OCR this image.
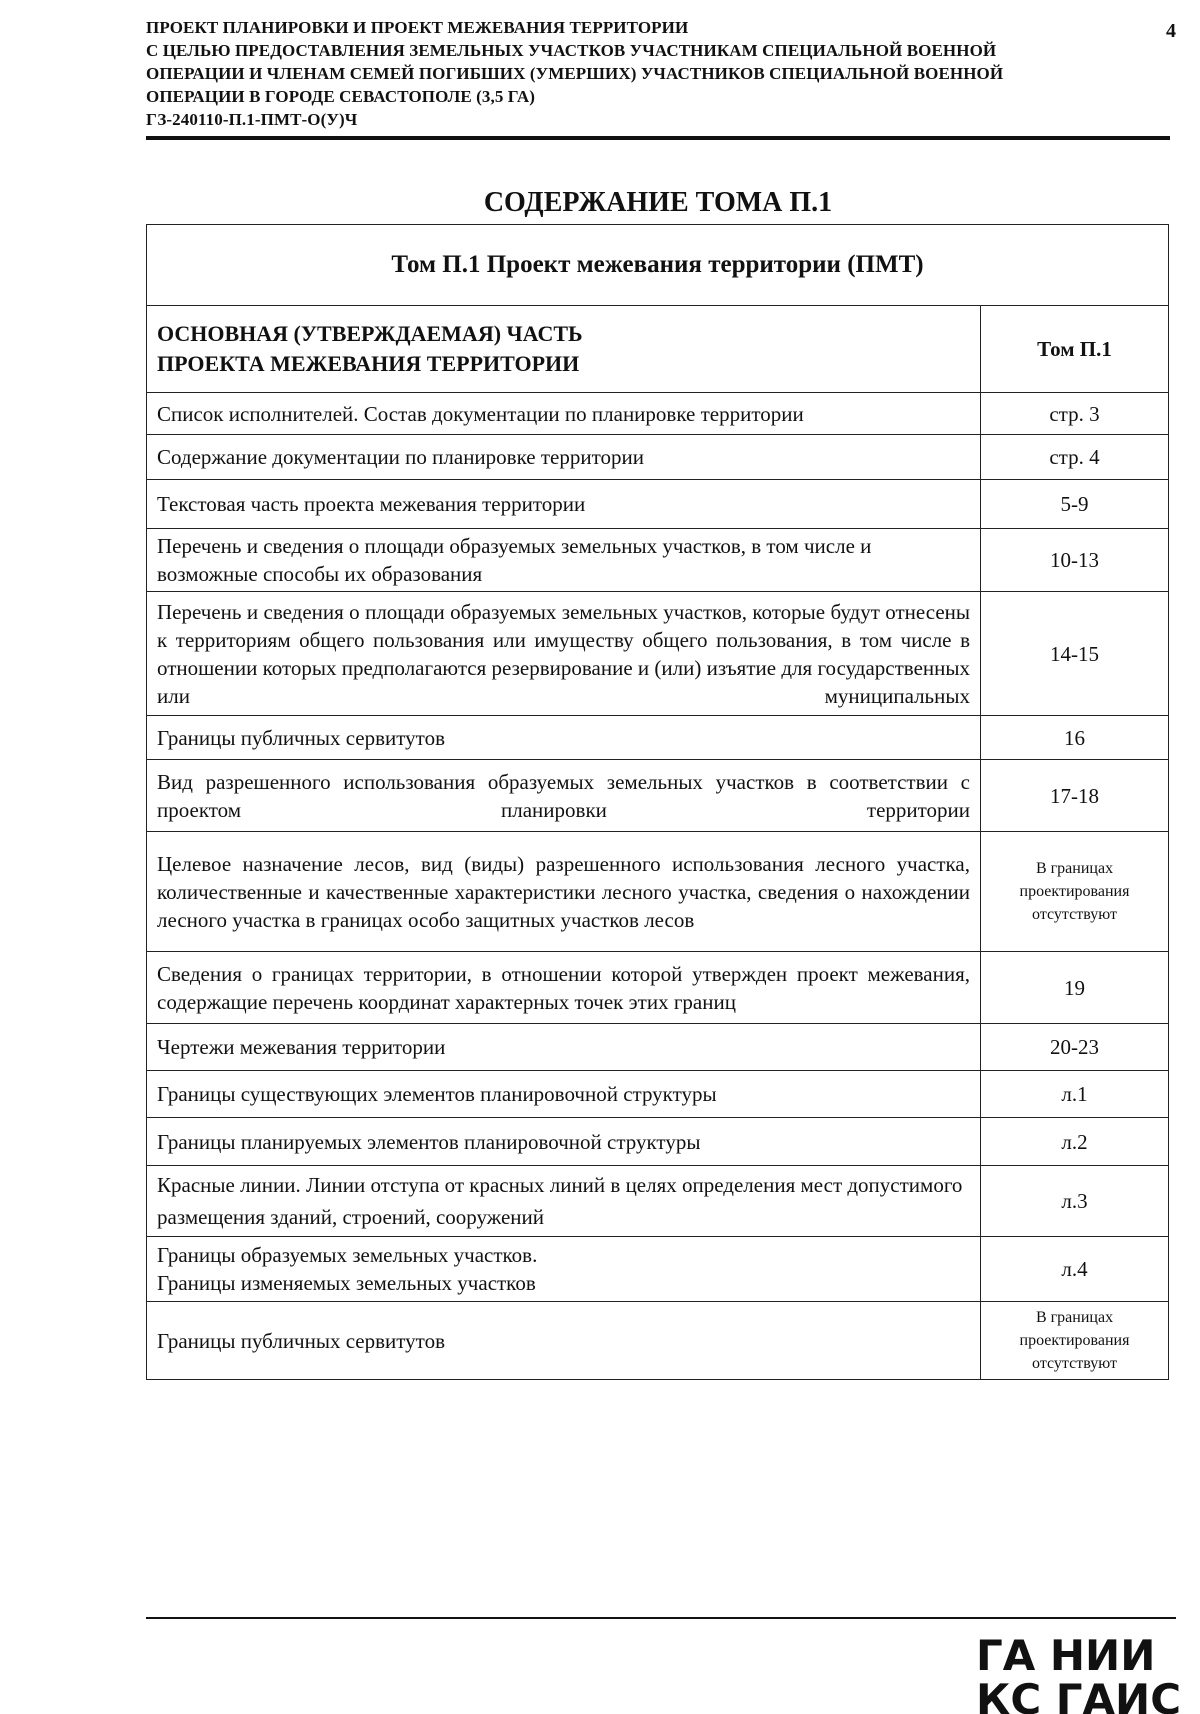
ПРОЕКТ ПЛАНИРОВКИ И ПРОЕКТ МЕЖЕВАНИЯ ТЕРРИТОРИИ
С ЦЕЛЬЮ ПРЕДОСТАВЛЕНИЯ ЗЕМЕЛЬНЫХ УЧАСТКОВ УЧАСТНИКАМ СПЕЦИАЛЬНОЙ ВОЕННОЙ
ОПЕРАЦИИ И ЧЛЕНАМ СЕМЕЙ ПОГИБШИХ (УМЕРШИХ) УЧАСТНИКОВ СПЕЦИАЛЬНОЙ ВОЕННОЙ
ОПЕРАЦИИ В ГОРОДЕ СЕВАСТОПОЛЕ (3,5 ГА)
ГЗ-240110-П.1-ПМТ-О(У)Ч
4
СОДЕРЖАНИЕ ТОМА П.1
Том П.1 Проект межевания территории (ПМТ)	

ОСНОВНАЯ (УТВЕРЖДАЕМАЯ) ЧАСТЬ
ПРОЕКТА МЕЖЕВАНИЯ ТЕРРИТОРИИ	Том П.1
Список исполнителей. Состав документации по планировке территории	стр. 3
Содержание документации по планировке территории	стр. 4
Текстовая часть проекта межевания территории	5-9
Перечень и сведения о площади образуемых земельных участков, в том числе и возможные способы их образования	10-13
Перечень и сведения о площади образуемых земельных участков, которые будут отнесены к территориям общего пользования или имуществу общего пользования, в том числе в отношении которых предполагаются резервирование и (или) изъятие для государственных или муниципальных	14-15
Границы публичных сервитутов	16
Вид разрешенного использования образуемых земельных участков в соответствии с проектом планировки территории	17-18
Целевое назначение лесов, вид (виды) разрешенного использования лесного участка, количественные и качественные характеристики лесного участка, сведения о нахождении лесного участка в границах особо защитных участков лесов	В границах проектирования отсутствуют
Сведения о границах территории, в отношении которой утвержден проект межевания, содержащие перечень координат характерных точек этих границ	19
Чертежи межевания территории	20-23
Границы существующих элементов планировочной структуры	л.1
Границы планируемых элементов планировочной структуры	л.2
Красные линии. Линии отступа от красных линий в целях определения мест допустимого размещения зданий, строений, сооружений	л.3

Границы образуемых земельных участков.
Границы изменяемых земельных участков	л.4
Границы публичных сервитутов	В границах проектирования отсутствуют
ГА НИИ
КС ГАИС
